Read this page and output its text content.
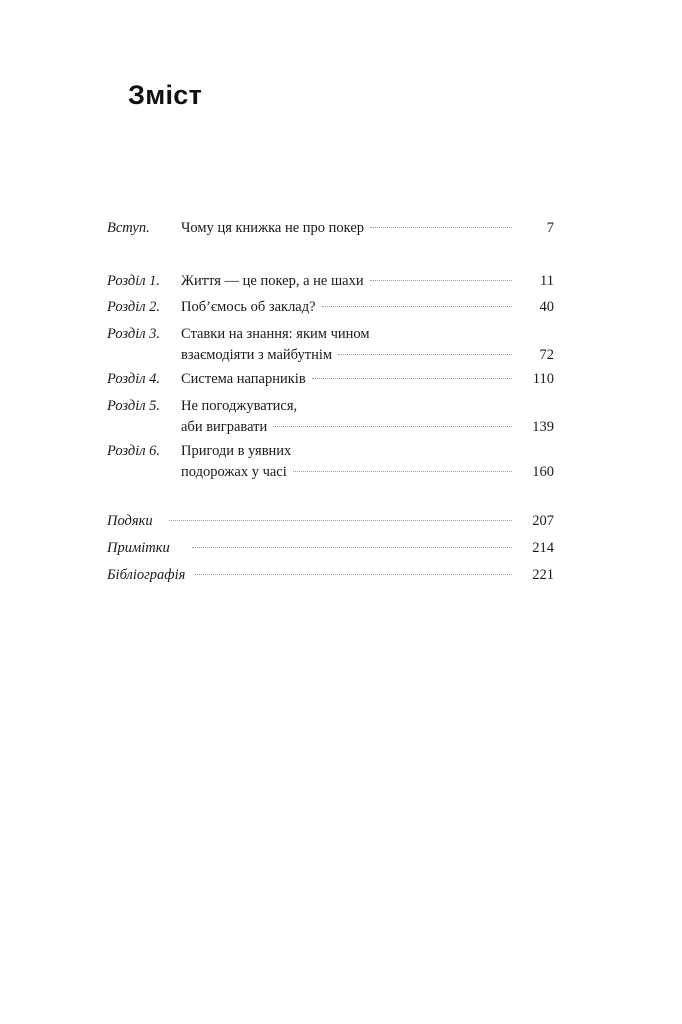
Зміст
Вступ. Чому ця книжка не про покер	7
Розділ 1. Життя — це покер, а не шахи	11
Розділ 2. Поб’ємось об заклад?	40
Розділ 3. Ставки на знання: яким чином
взаємодіяти з майбутнім	72
Розділ 4. Система напарників	110
Розділ 5. Не погоджуватися,
аби вигравати	139
Розділ 6. Пригоди в уявних
подорожах у часі	160
Подяки	207
Примітки	214
Бібліографія	221
